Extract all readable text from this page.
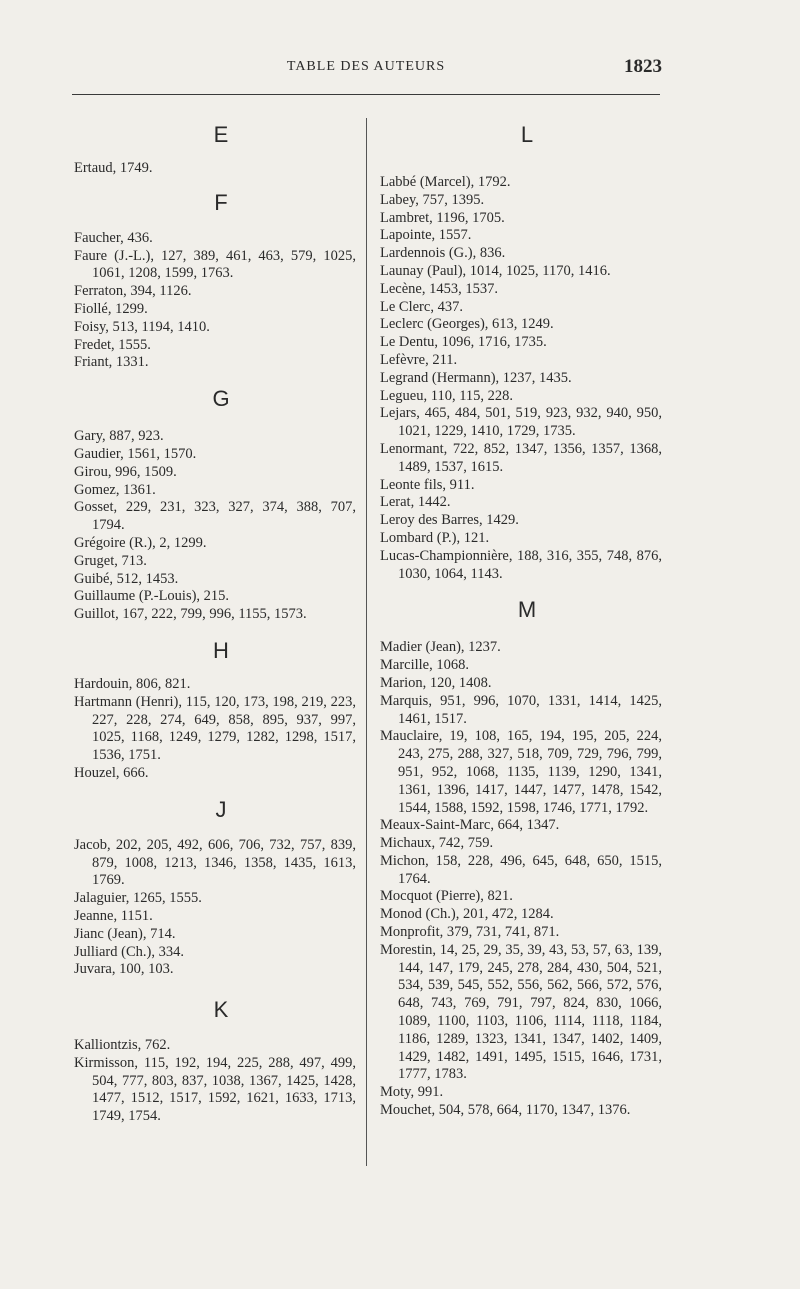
TABLE DES AUTEURS	1823
E
Ertaud, 1749.
F
Faucher, 436.
Faure (J.-L.), 127, 389, 461, 463, 579, 1025, 1061, 1208, 1599, 1763.
Ferraton, 394, 1126.
Fiollé, 1299.
Foisy, 513, 1194, 1410.
Fredet, 1555.
Friant, 1331.
G
Gary, 887, 923.
Gaudier, 1561, 1570.
Girou, 996, 1509.
Gomez, 1361.
Gosset, 229, 231, 323, 327, 374, 388, 707, 1794.
Grégoire (R.), 2, 1299.
Gruget, 713.
Guibé, 512, 1453.
Guillaume (P.-Louis), 215.
Guillot, 167, 222, 799, 996, 1155, 1573.
H
Hardouin, 806, 821.
Hartmann (Henri), 115, 120, 173, 198, 219, 223, 227, 228, 274, 649, 858, 895, 937, 997, 1025, 1168, 1249, 1279, 1282, 1298, 1517, 1536, 1751.
Houzel, 666.
J
Jacob, 202, 205, 492, 606, 706, 732, 757, 839, 879, 1008, 1213, 1346, 1358, 1435, 1613, 1769.
Jalaguier, 1265, 1555.
Jeanne, 1151.
Jianc (Jean), 714.
Julliard (Ch.), 334.
Juvara, 100, 103.
K
Kalliontzis, 762.
Kirmisson, 115, 192, 194, 225, 288, 497, 499, 504, 777, 803, 837, 1038, 1367, 1425, 1428, 1477, 1512, 1517, 1592, 1621, 1633, 1713, 1749, 1754.
L
Labbé (Marcel), 1792.
Labey, 757, 1395.
Lambret, 1196, 1705.
Lapointe, 1557.
Lardennois (G.), 836.
Launay (Paul), 1014, 1025, 1170, 1416.
Lecène, 1453, 1537.
Le Clerc, 437.
Leclerc (Georges), 613, 1249.
Le Dentu, 1096, 1716, 1735.
Lefèvre, 211.
Legrand (Hermann), 1237, 1435.
Legueu, 110, 115, 228.
Lejars, 465, 484, 501, 519, 923, 932, 940, 950, 1021, 1229, 1410, 1729, 1735.
Lenormant, 722, 852, 1347, 1356, 1357, 1368, 1489, 1537, 1615.
Leonte fils, 911.
Lerat, 1442.
Leroy des Barres, 1429.
Lombard (P.), 121.
Lucas-Championnière, 188, 316, 355, 748, 876, 1030, 1064, 1143.
M
Madier (Jean), 1237.
Marcille, 1068.
Marion, 120, 1408.
Marquis, 951, 996, 1070, 1331, 1414, 1425, 1461, 1517.
Mauclaire, 19, 108, 165, 194, 195, 205, 224, 243, 275, 288, 327, 518, 709, 729, 796, 799, 951, 952, 1068, 1135, 1139, 1290, 1341, 1361, 1396, 1417, 1447, 1477, 1478, 1542, 1544, 1588, 1592, 1598, 1746, 1771, 1792.
Meaux-Saint-Marc, 664, 1347.
Michaux, 742, 759.
Michon, 158, 228, 496, 645, 648, 650, 1515, 1764.
Mocquot (Pierre), 821.
Monod (Ch.), 201, 472, 1284.
Monprofit, 379, 731, 741, 871.
Morestin, 14, 25, 29, 35, 39, 43, 53, 57, 63, 139, 144, 147, 179, 245, 278, 284, 430, 504, 521, 534, 539, 545, 552, 556, 562, 566, 572, 576, 648, 743, 769, 791, 797, 824, 830, 1066, 1089, 1100, 1103, 1106, 1114, 1118, 1184, 1186, 1289, 1323, 1341, 1347, 1402, 1409, 1429, 1482, 1491, 1495, 1515, 1646, 1731, 1777, 1783.
Moty, 991.
Mouchet, 504, 578, 664, 1170, 1347, 1376.
